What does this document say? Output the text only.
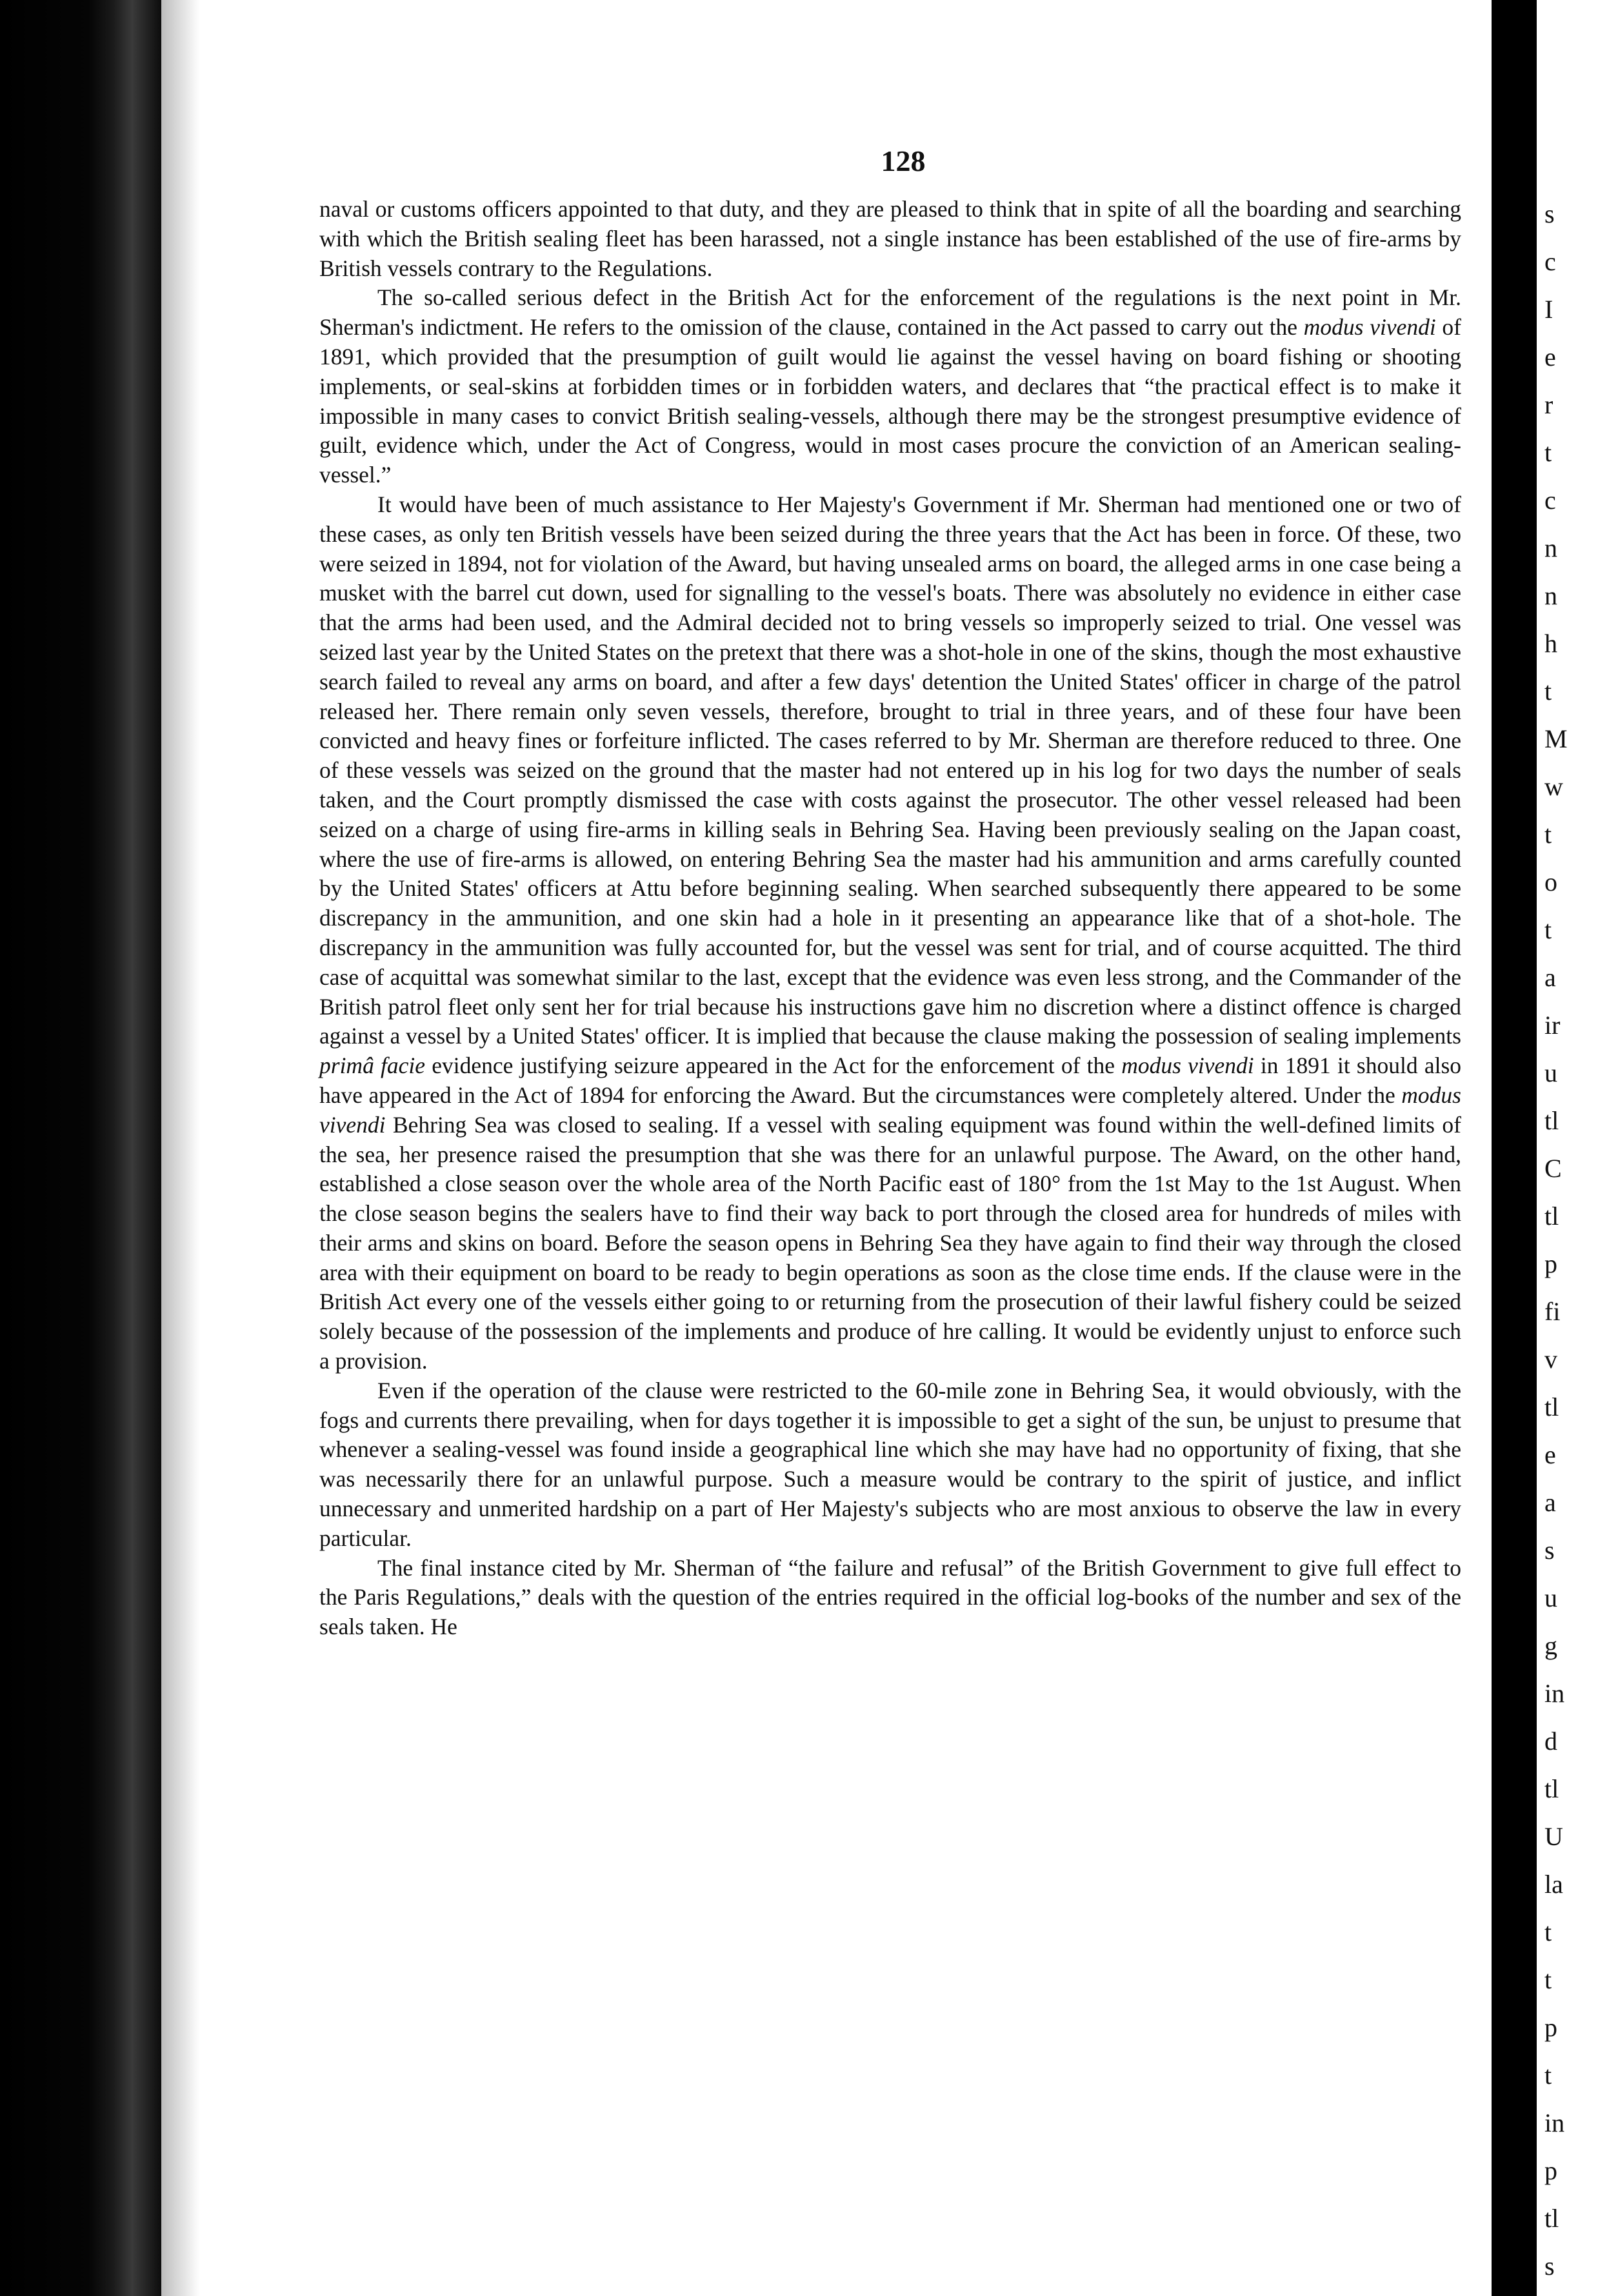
128

naval or customs officers appointed to that duty, and they are pleased to think that in spite of all the boarding and searching with which the British sealing fleet has been harassed, not a single instance has been established of the use of fire-arms by British vessels contrary to the Regulations.

The so-called serious defect in the British Act for the enforcement of the regulations is the next point in Mr. Sherman's indictment. He refers to the omission of the clause, contained in the Act passed to carry out the modus vivendi of 1891, which provided that the presumption of guilt would lie against the vessel having on board fishing or shooting implements, or seal-skins at forbidden times or in forbidden waters, and declares that “the practical effect is to make it impossible in many cases to convict British sealing-vessels, although there may be the strongest presumptive evidence of guilt, evidence which, under the Act of Congress, would in most cases procure the conviction of an American sealing-vessel.”

It would have been of much assistance to Her Majesty's Government if Mr. Sherman had mentioned one or two of these cases, as only ten British vessels have been seized during the three years that the Act has been in force. Of these, two were seized in 1894, not for violation of the Award, but having unsealed arms on board, the alleged arms in one case being a musket with the barrel cut down, used for signalling to the vessel's boats. There was absolutely no evidence in either case that the arms had been used, and the Admiral decided not to bring vessels so improperly seized to trial. One vessel was seized last year by the United States on the pretext that there was a shot-hole in one of the skins, though the most exhaustive search failed to reveal any arms on board, and after a few days' detention the United States' officer in charge of the patrol released her. There remain only seven vessels, therefore, brought to trial in three years, and of these four have been convicted and heavy fines or forfeiture inflicted. The cases referred to by Mr. Sherman are therefore reduced to three. One of these vessels was seized on the ground that the master had not entered up in his log for two days the number of seals taken, and the Court promptly dismissed the case with costs against the prosecutor. The other vessel released had been seized on a charge of using fire-arms in killing seals in Behring Sea. Having been previously sealing on the Japan coast, where the use of fire-arms is allowed, on entering Behring Sea the master had his ammunition and arms carefully counted by the United States' officers at Attu before beginning sealing. When searched subsequently there appeared to be some discrepancy in the ammunition, and one skin had a hole in it presenting an appearance like that of a shot-hole. The discrepancy in the ammunition was fully accounted for, but the vessel was sent for trial, and of course acquitted. The third case of acquittal was somewhat similar to the last, except that the evidence was even less strong, and the Commander of the British patrol fleet only sent her for trial because his instructions gave him no discretion where a distinct offence is charged against a vessel by a United States' officer. It is implied that because the clause making the possession of sealing implements primâ facie evidence justifying seizure appeared in the Act for the enforcement of the modus vivendi in 1891 it should also have appeared in the Act of 1894 for enforcing the Award. But the circumstances were completely altered. Under the modus vivendi Behring Sea was closed to sealing. If a vessel with sealing equipment was found within the well-defined limits of the sea, her presence raised the presumption that she was there for an unlawful purpose. The Award, on the other hand, established a close season over the whole area of the North Pacific east of 180° from the 1st May to the 1st August. When the close season begins the sealers have to find their way back to port through the closed area for hundreds of miles with their arms and skins on board. Before the season opens in Behring Sea they have again to find their way through the closed area with their equipment on board to be ready to begin operations as soon as the close time ends. If the clause were in the British Act every one of the vessels either going to or returning from the prosecution of their lawful fishery could be seized solely because of the possession of the implements and produce of hre calling. It would be evidently unjust to enforce such a provision.

Even if the operation of the clause were restricted to the 60-mile zone in Behring Sea, it would obviously, with the fogs and currents there prevailing, when for days together it is impossible to get a sight of the sun, be unjust to presume that whenever a sealing-vessel was found inside a geographical line which she may have had no opportunity of fixing, that she was necessarily there for an unlawful purpose. Such a measure would be contrary to the spirit of justice, and inflict unnecessary and unmerited hardship on a part of Her Majesty's subjects who are most anxious to observe the law in every particular.

The final instance cited by Mr. Sherman of “the failure and refusal” of the British Government to give full effect to the Paris Regulations,” deals with the question of the entries required in the official log-books of the number and sex of the seals taken. He

s
c
I
e
r
t
c
n
n
h
t
M
w
t
o
t
a
ir
u
tl
C
tl
p
fi
v
tl
e
a
s
u
g
in
d
tl
U
la
t
t
p
t
in
p
tl
s
